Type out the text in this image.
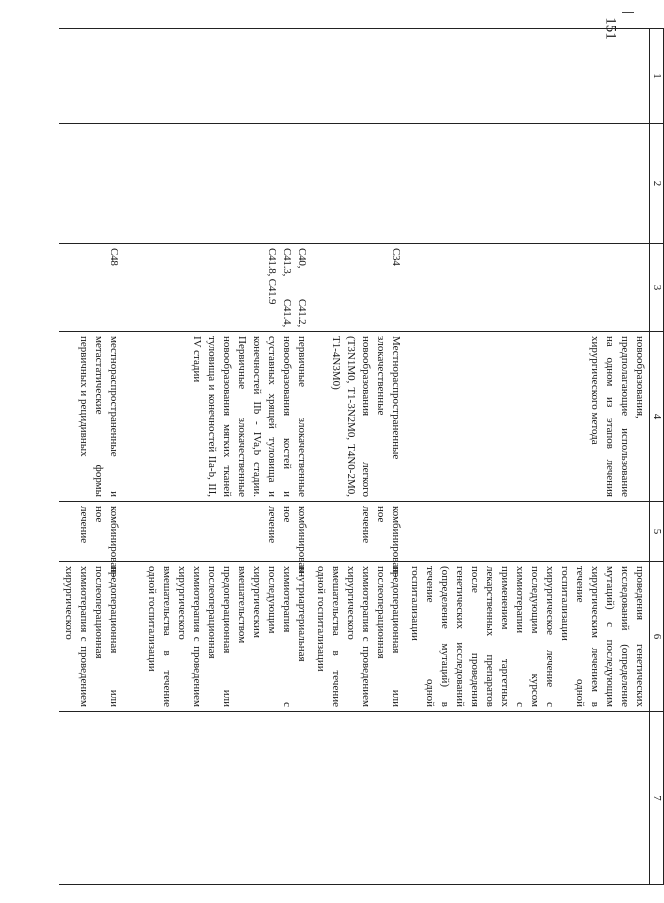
151
1	2	3	4	5	6	7
			новообразования, предполагающие использование на одном из этапов лечения хирургического метода		проведения генетических исследований (определение мутаций) с последующим хирургическим лечением в течение одной госпитализации хирургическое лечение с последующим курсом химиотерапии с применением таргетных лекарственных препаратов после проведения генетических исследований (определение мутаций) в течение одной госпитализации	
		C34	Местнораспространенные злокачественные новообразования легкого (T3N1M0, T1-3N2M0, T4N0-2M0, T1-4N3M0)	комбинирован-ное лечение	предоперационная или послеоперационная химиотерапия с проведением хирургического вмешательства в течение одной госпитализации	
		C40, C41.2, C41.3, C41.4, C41.8, C41.9	первичные злокачественные новообразования костей и суставных хрящей туловища и конечностей IIb - IVa,b стадии. Первичные злокачественные новообразования мягких тканей туловища и конечностей IIa-b, III, IV стадии	комбинирован-ное лечение	внутриартериальная химиотерапия с последующим хирургическим вмешательством предоперационная или послеоперационная химиотерапия с проведением хирургического вмешательства в течение одной госпитализации	
		C48	местнораспространенные и метастатические формы первичных и рецидивных	комбинирован-ное лечение	предоперационная или послеоперационная химиотерапия с проведением хирургического	
